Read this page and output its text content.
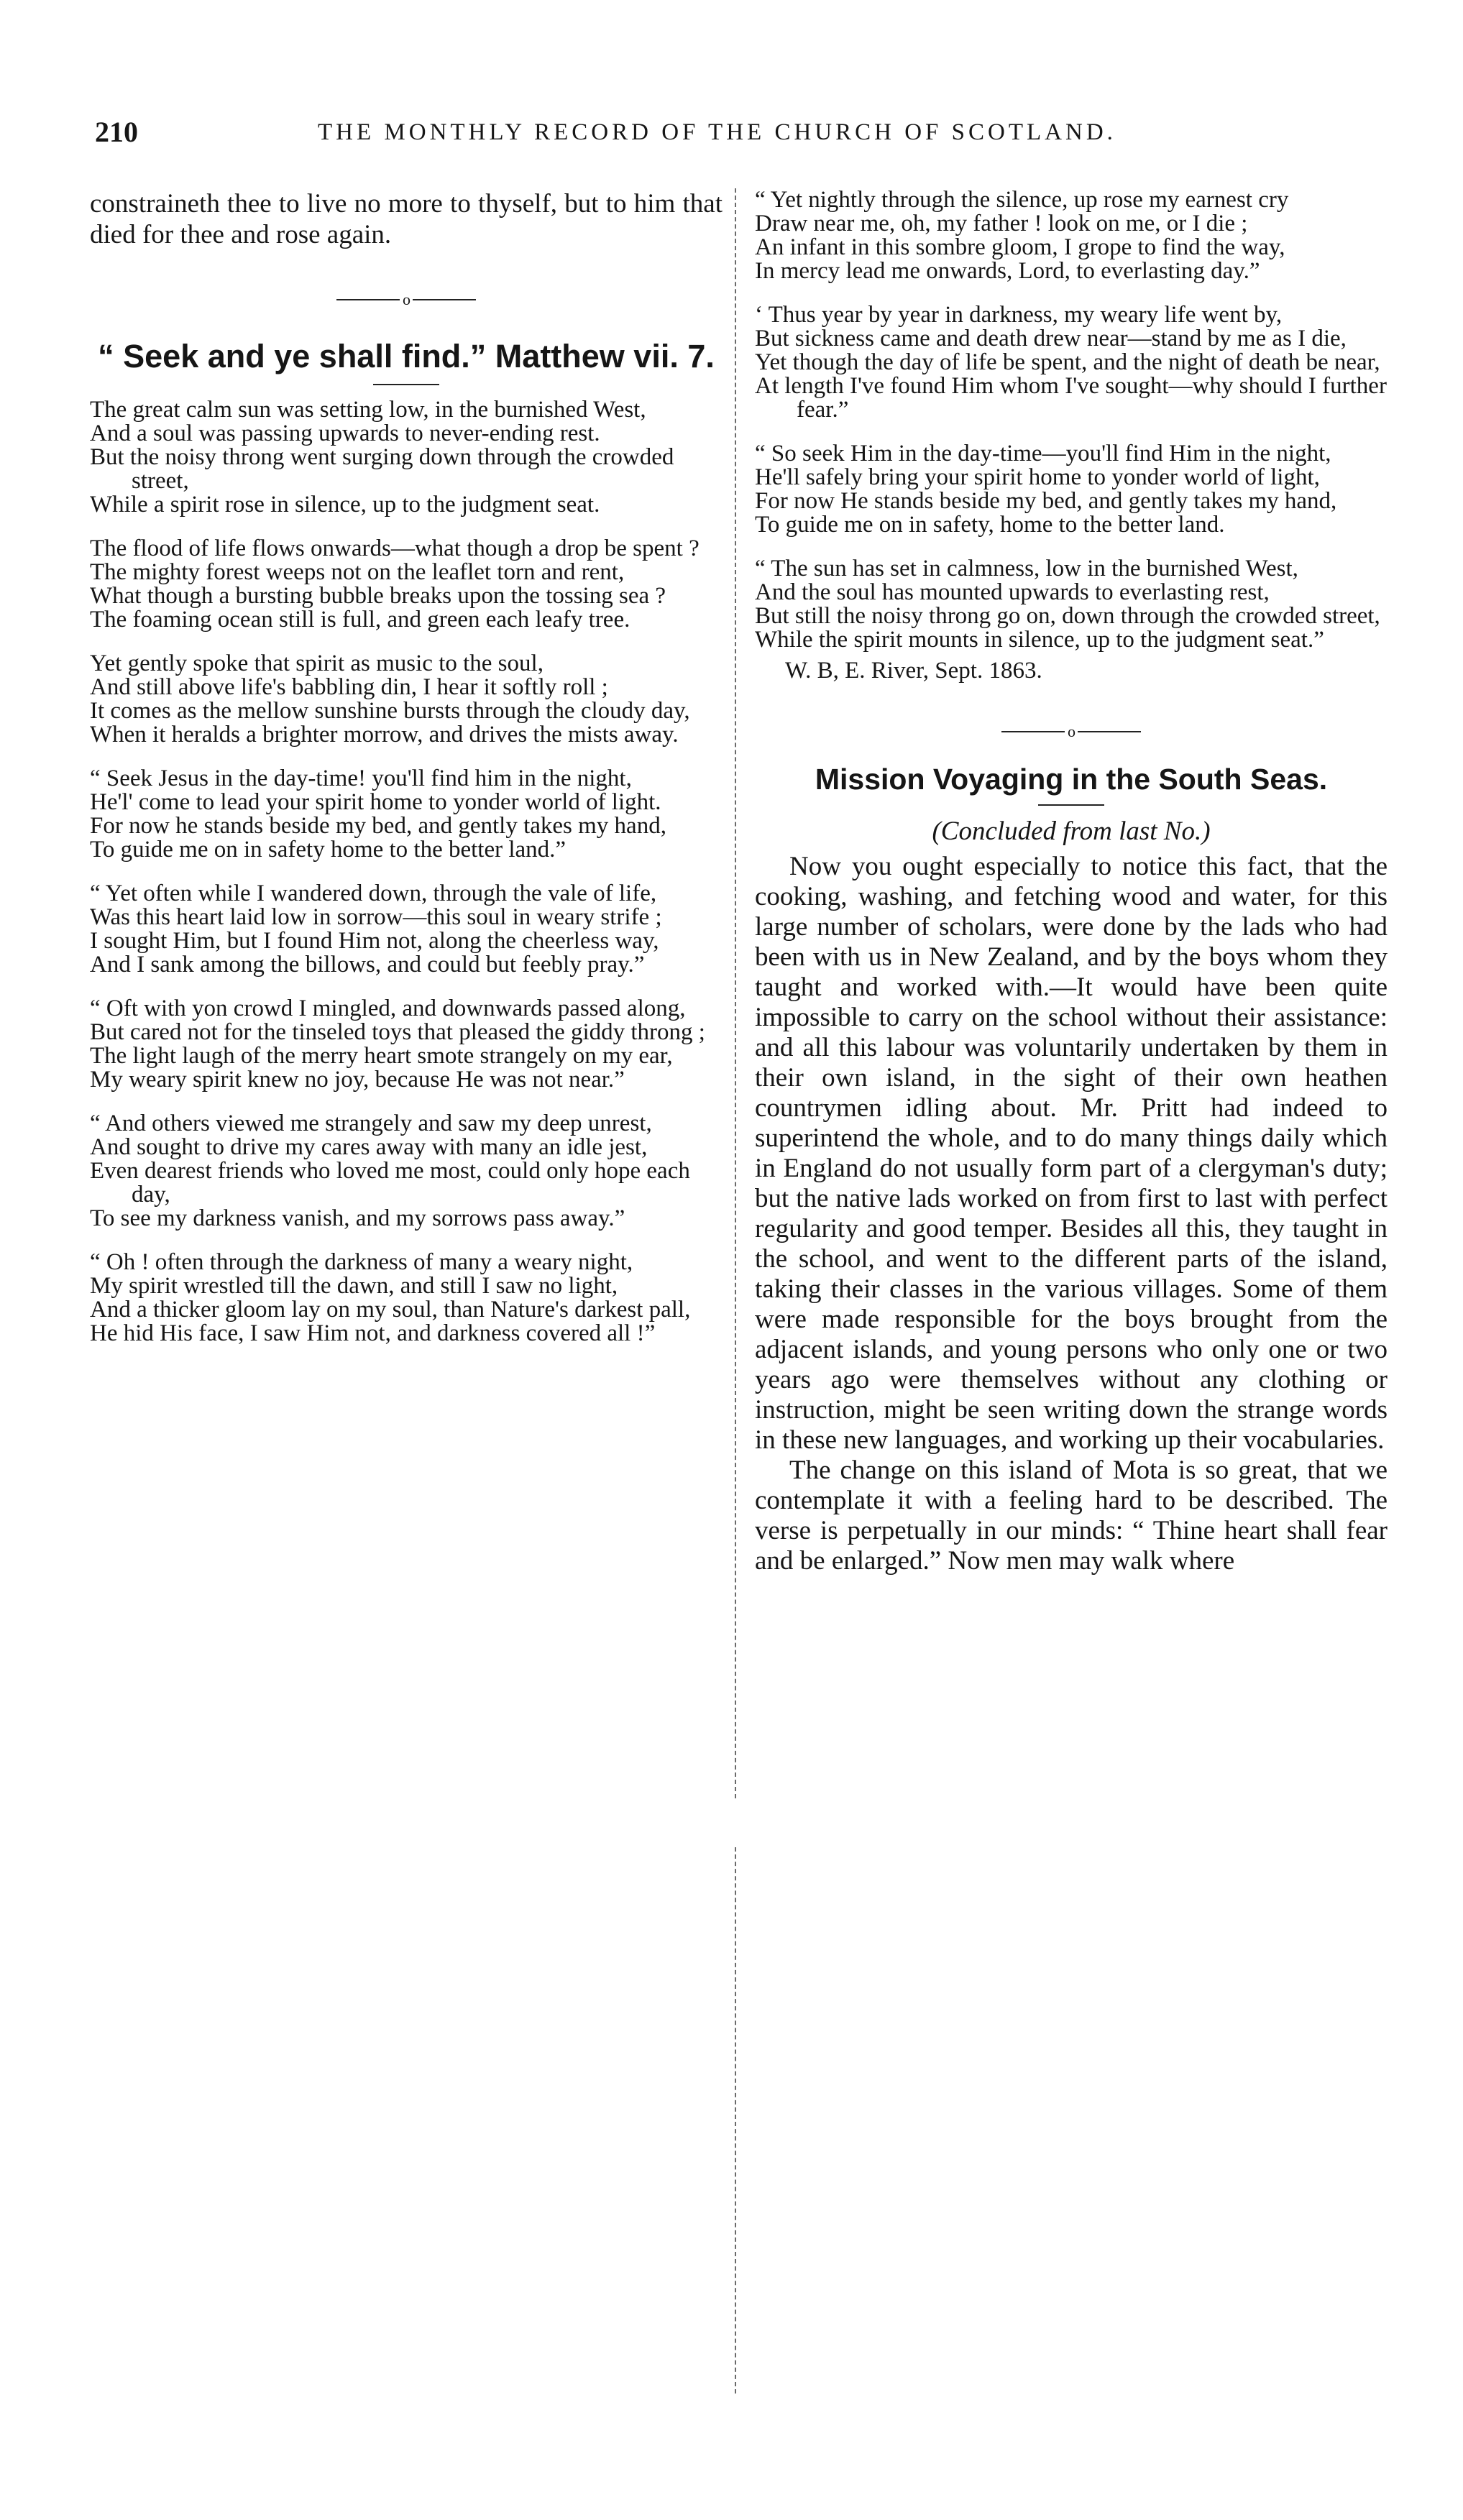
210	THE MONTHLY RECORD OF THE CHURCH OF SCOTLAND.

constraineth thee to live no more to thyself, but to him that died for thee and rose again.

o

“ Seek and ye shall find.” Matthew vii. 7.

The great calm sun was setting low, in the burnished West,

And a soul was passing upwards to never-ending rest.

But the noisy throng went surging down through the crowded street,

While a spirit rose in silence, up to the judgment seat.

The flood of life flows onwards—what though a drop be spent ?

The mighty forest weeps not on the leaflet torn and rent,

What though a bursting bubble breaks upon the tossing sea ?

The foaming ocean still is full, and green each leafy tree.

Yet gently spoke that spirit as music to the soul,

And still above life's babbling din, I hear it softly roll ;

It comes as the mellow sunshine bursts through the cloudy day,

When it heralds a brighter morrow, and drives the mists away.

“ Seek Jesus in the day-time! you'll find him in the night,

He'l' come to lead your spirit home to yonder world of light.

For now he stands beside my bed, and gently takes my hand,

To guide me on in safety home to the better land.”

“ Yet often while I wandered down, through the vale of life,

Was this heart laid low in sorrow—this soul in weary strife ;

I sought Him, but I found Him not, along the cheerless way,

And I sank among the billows, and could but feebly pray.”

“ Oft with yon crowd I mingled, and downwards passed along,

But cared not for the tinseled toys that pleased the giddy throng ;

The light laugh of the merry heart smote strangely on my ear,

My weary spirit knew no joy, because He was not near.”

“ And others viewed me strangely and saw my deep unrest,

And sought to drive my cares away with many an idle jest,

Even dearest friends who loved me most, could only hope each day,

To see my darkness vanish, and my sorrows pass away.”

“ Oh ! often through the darkness of many a weary night,

My spirit wrestled till the dawn, and still I saw no light,

And a thicker gloom lay on my soul, than Nature's darkest pall,

He hid His face, I saw Him not, and darkness covered all !”

“ Yet nightly through the silence, up rose my earnest cry

Draw near me, oh, my father ! look on me, or I die ;

An infant in this sombre gloom, I grope to find the way,

In mercy lead me onwards, Lord, to everlasting day.”

‘ Thus year by year in darkness, my weary life went by,

But sickness came and death drew near—stand by me as I die,

Yet though the day of life be spent, and the night of death be near,

At length I've found Him whom I've sought—why should I further fear.”

“ So seek Him in the day-time—you'll find Him in the night,

He'll safely bring your spirit home to yonder world of light,

For now He stands beside my bed, and gently takes my hand,

To guide me on in safety, home to the better land.

“ The sun has set in calmness, low in the burnished West,

And the soul has mounted upwards to everlasting rest,

But still the noisy throng go on, down through the crowded street,

While the spirit mounts in silence, up to the judgment seat.”

W. B, E. River, Sept. 1863.

o

Mission Voyaging in the South Seas.

(Concluded from last No.)

Now you ought especially to notice this fact, that the cooking, washing, and fetching wood and water, for this large number of scholars, were done by the lads who had been with us in New Zealand, and by the boys whom they taught and worked with.—It would have been quite impossible to carry on the school without their assistance: and all this labour was voluntarily undertaken by them in their own island, in the sight of their own heathen countrymen idling about. Mr. Pritt had indeed to superintend the whole, and to do many things daily which in England do not usually form part of a clergyman's duty; but the native lads worked on from first to last with perfect regularity and good temper. Besides all this, they taught in the school, and went to the different parts of the island, taking their classes in the various villages. Some of them were made responsible for the boys brought from the adjacent islands, and young persons who only one or two years ago were themselves without any clothing or instruction, might be seen writing down the strange words in these new languages, and working up their vocabularies.

The change on this island of Mota is so great, that we contemplate it with a feeling hard to be described. The verse is perpetually in our minds: “ Thine heart shall fear and be enlarged.” Now men may walk where
